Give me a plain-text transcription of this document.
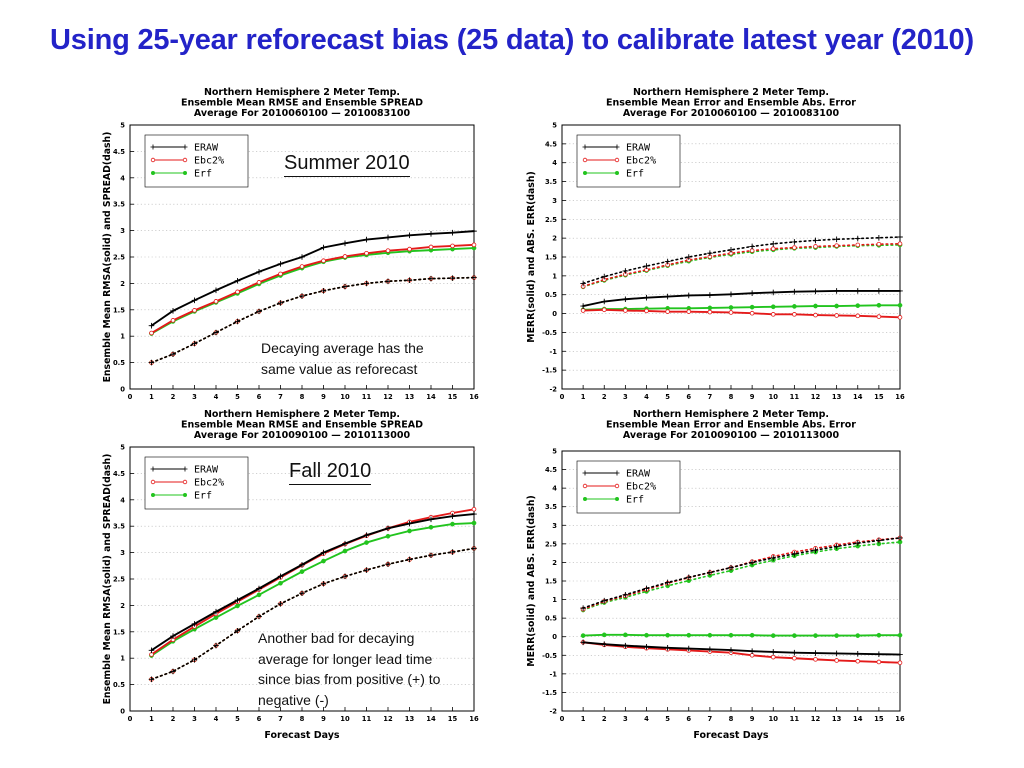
Using 25-year reforecast bias (25 data) to calibrate latest year (2010)
Northern Hemisphere 2 Meter Temp.
Ensemble Mean RMSE and Ensemble SPREAD
Average For 2010060100 — 2010083100
0
0.5
1
1.5
2
2.5
3
3.5
4
4.5
5
0 1 2 3 4 5 6 7 8 9 10 11 12 13 14 15 16
Ensemble Mean RMSA(solid) and SPREAD(dash)	ERAW
Ebc2%
Erf
Northern Hemisphere 2 Meter Temp.
Ensemble Mean Error and Ensemble Abs. Error
Average For 2010060100 — 2010083100
-2
-1.5
-1
-0.5
0
0.5
1
1.5
2
2.5
3
3.5
4
4.5
5
0 1 2 3 4 5 6 7 8 9 10 11 12 13 14 15 16
MERR(solid) and ABS. ERR(dash)
ERAW
Ebc2%
Erf
Northern Hemisphere 2 Meter Temp.
Ensemble Mean RMSE and Ensemble SPREAD
Average For 2010090100 — 2010113000
0
0.5
1
1.5
2
2.5
3
3.5
4
4.5
5
0 1 2 3 4 5 6 7 8 9 10 11 12 13 14 15 16
Forecast Days
Ensemble Mean RMSA(solid) and SPREAD(dash)	ERAW
Ebc2%
Erf
Northern Hemisphere 2 Meter Temp.
Ensemble Mean Error and Ensemble Abs. Error
Average For 2010090100 — 2010113000
-2
-1.5
-1
-0.5
0
0.5
1
1.5
2
2.5
3
3.5
4
4.5
5
0 1 2 3 4 5 6 7 8 9 10 11 12 13 14 15 16
Forecast Days
MERR(solid) and ABS. ERR(dash)
ERAW
Ebc2%
Erf
Summer 2010
Fall 2010
Decaying average has the
same value as reforecast
Another bad for decaying
average for longer lead time
since bias from positive (+) to
negative (-)
